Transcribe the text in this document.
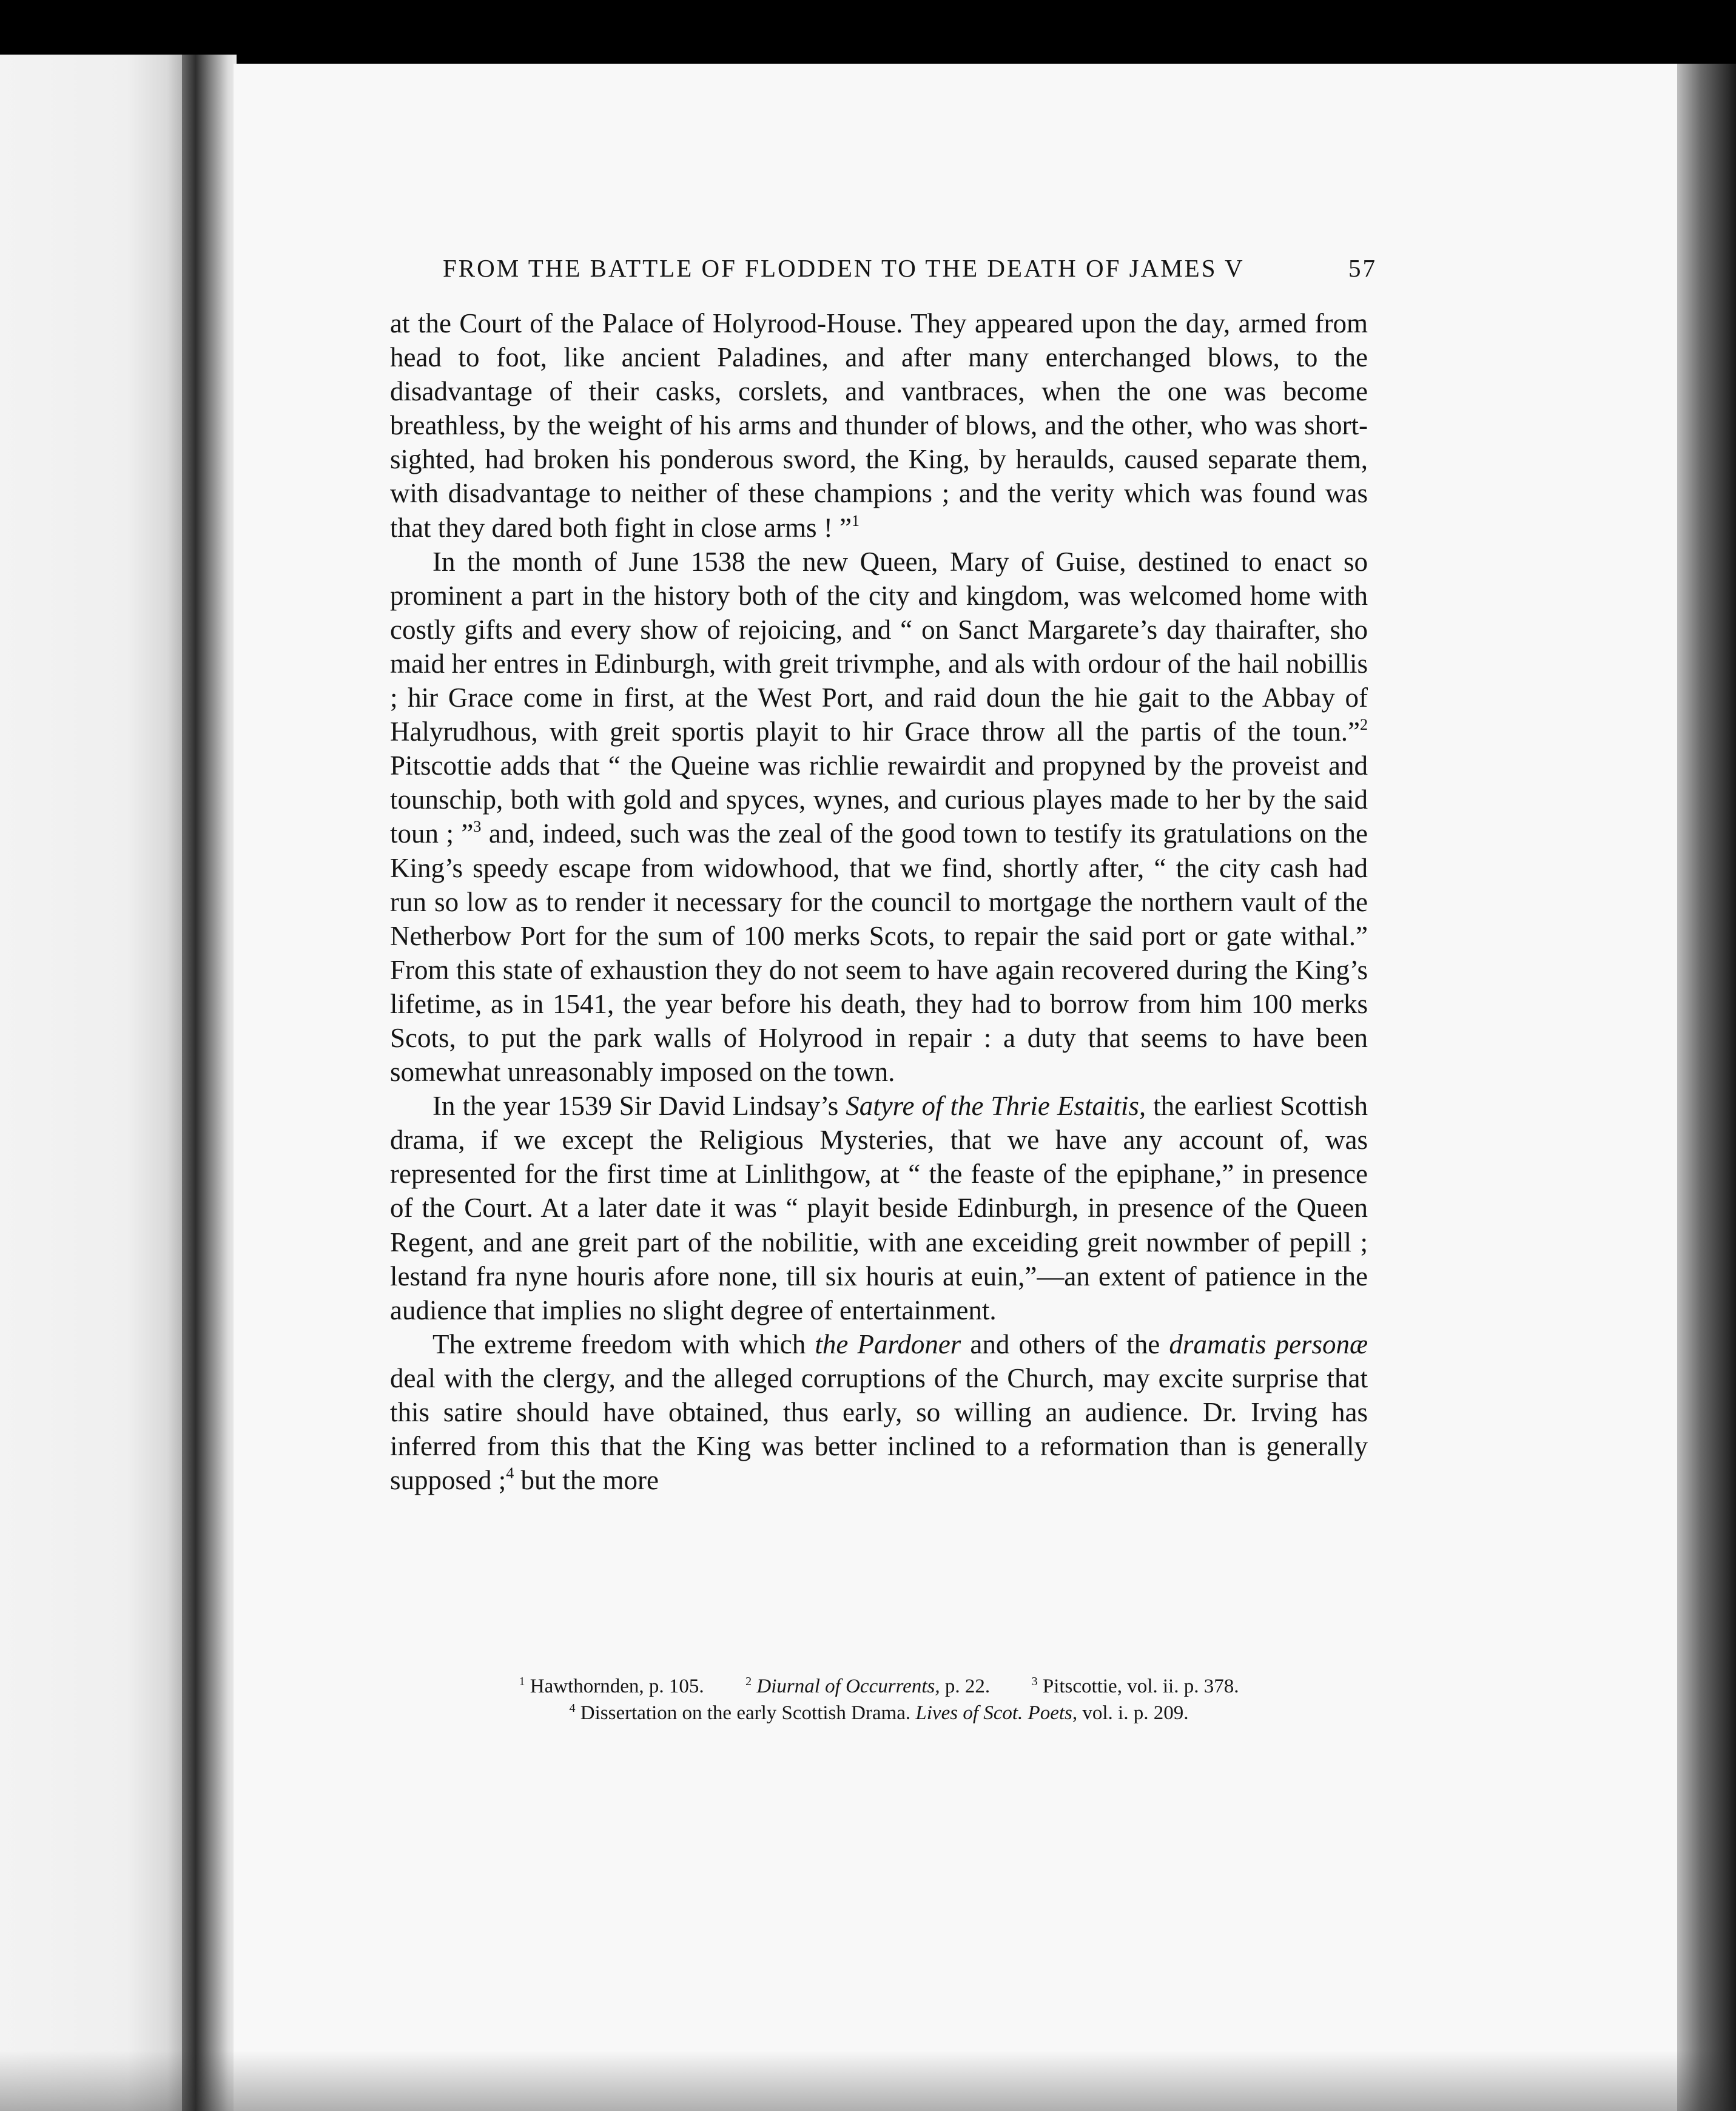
FROM THE BATTLE OF FLODDEN TO THE DEATH OF JAMES V	57

at the Court of the Palace of Holyrood-House. They appeared upon the day, armed from head to foot, like ancient Paladines, and after many enterchanged blows, to the disadvantage of their casks, corslets, and vantbraces, when the one was become breathless, by the weight of his arms and thunder of blows, and the other, who was short-sighted, had broken his ponderous sword, the King, by heraulds, caused separate them, with disadvantage to neither of these champions ; and the verity which was found was that they dared both fight in close arms ! ”$^1$

In the month of June 1538 the new Queen, Mary of Guise, destined to enact so prominent a part in the history both of the city and kingdom, was welcomed home with costly gifts and every show of rejoicing, and “ on Sanct Margarete’s day thairafter, sho maid her entres in Edinburgh, with greit trivmphe, and als with ordour of the hail nobillis ; hir Grace come in first, at the West Port, and raid doun the hie gait to the Abbay of Halyrudhous, with greit sportis playit to hir Grace throw all the partis of the toun.”$^2$ Pitscottie adds that “ the Queine was richlie rewairdit and propyned by the proveist and tounschip, both with gold and spyces, wynes, and curious playes made to her by the said toun ; ”$^3$ and, indeed, such was the zeal of the good town to testify its gratulations on the King’s speedy escape from widowhood, that we find, shortly after, “ the city cash had run so low as to render it necessary for the council to mortgage the northern vault of the Netherbow Port for the sum of 100 merks Scots, to repair the said port or gate withal.” From this state of exhaustion they do not seem to have again recovered during the King’s lifetime, as in 1541, the year before his death, they had to borrow from him 100 merks Scots, to put the park walls of Holyrood in repair : a duty that seems to have been somewhat unreasonably imposed on the town.

In the year 1539 Sir David Lindsay’s Satyre of the Thrie Estaitis, the earliest Scottish drama, if we except the Religious Mysteries, that we have any account of, was represented for the first time at Linlithgow, at “ the feaste of the epiphane,” in presence of the Court. At a later date it was “ playit beside Edinburgh, in presence of the Queen Regent, and ane greit part of the nobilitie, with ane exceiding greit nowmber of pepill ; lestand fra nyne houris afore none, till six houris at euin,”—an extent of patience in the audience that implies no slight degree of entertainment.

The extreme freedom with which the Pardoner and others of the dramatis personæ deal with the clergy, and the alleged corruptions of the Church, may excite surprise that this satire should have obtained, thus early, so willing an audience. Dr. Irving has inferred from this that the King was better inclined to a reformation than is generally supposed ;$^4$ but the more

$^1$ Hawthornden, p. 105.	$^2$ Diurnal of Occurrents, p. 22.	$^3$ Pitscottie, vol. ii. p. 378.
$^4$ Dissertation on the early Scottish Drama. Lives of Scot. Poets, vol. i. p. 209.
